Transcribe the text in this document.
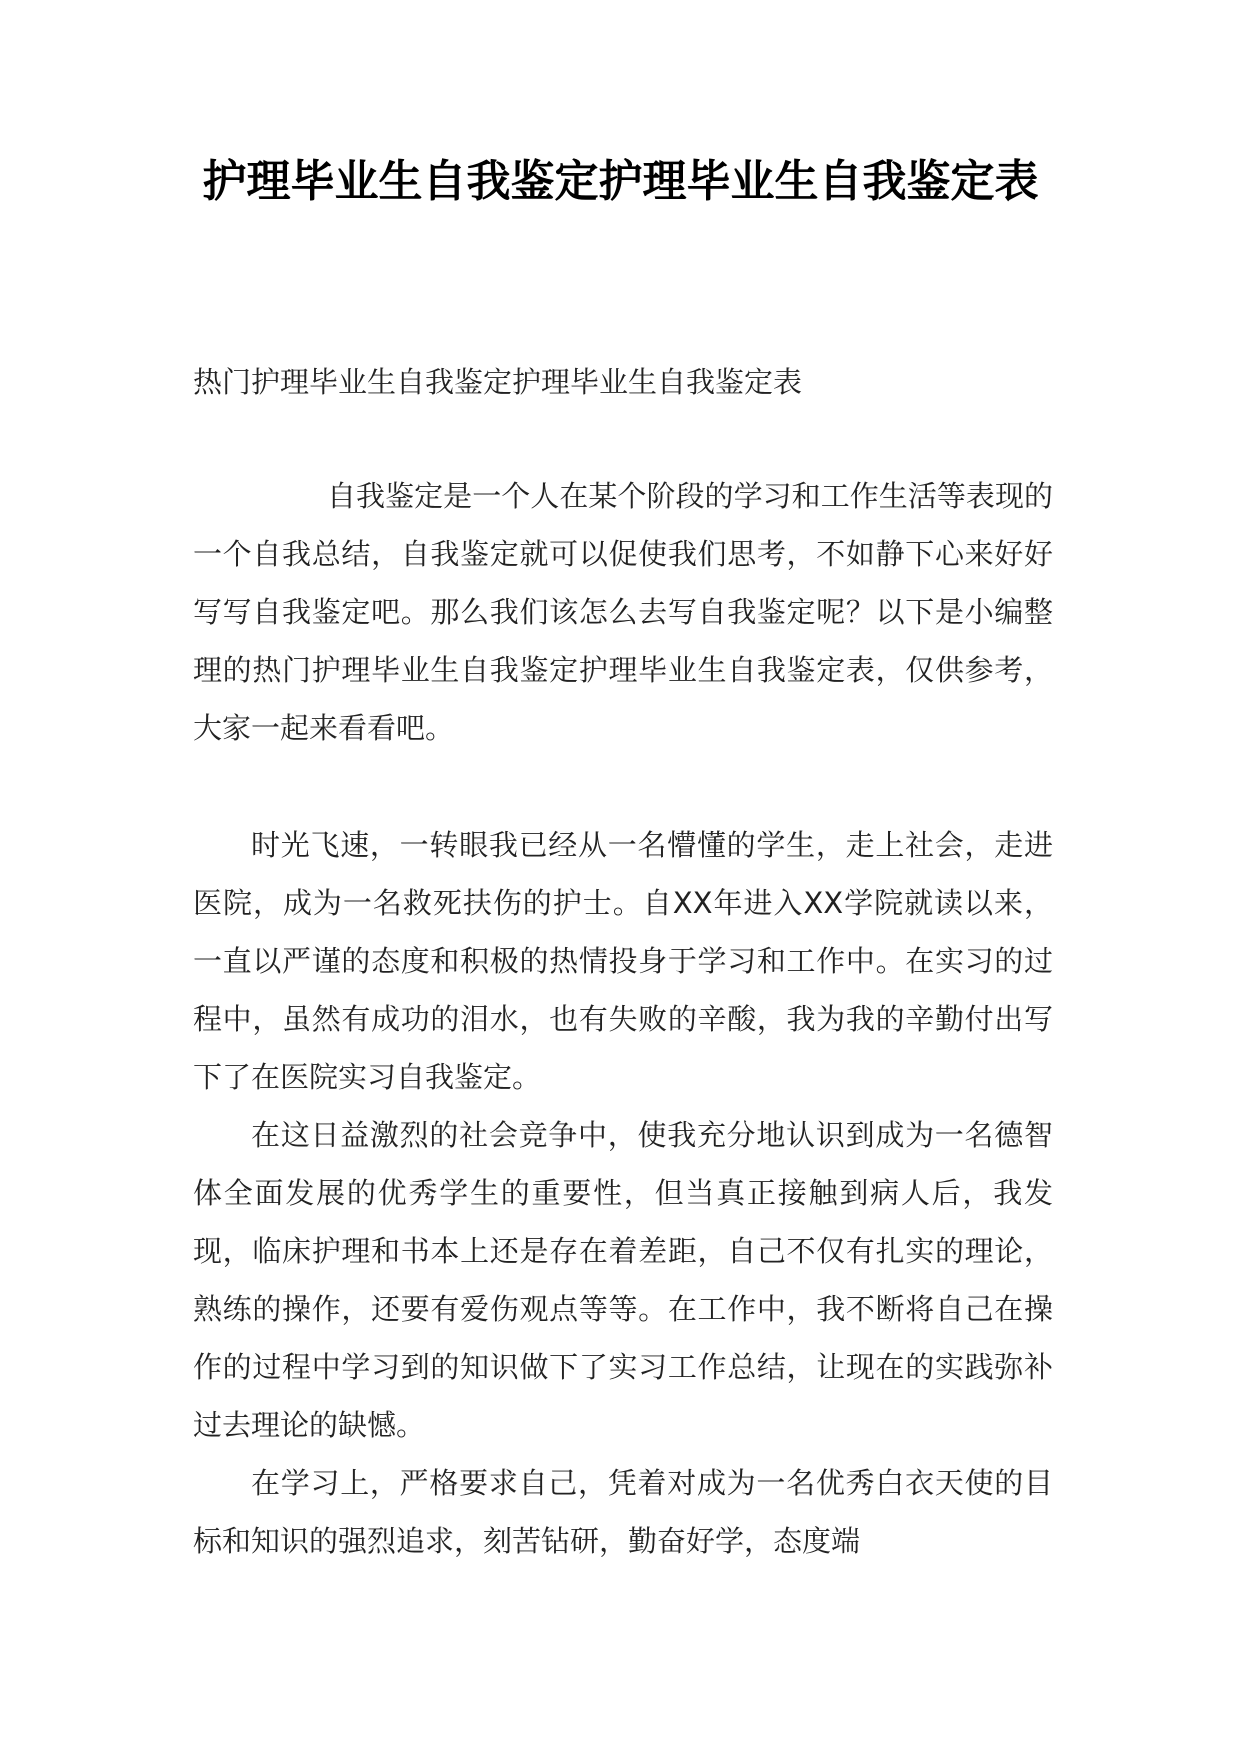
护理毕业生自我鉴定护理毕业生自我鉴定表
热门护理毕业生自我鉴定护理毕业生自我鉴定表

自我鉴定是一个人在某个阶段的学习和工作生活等表现的一个自我总结，自我鉴定就可以促使我们思考，不如静下心来好好写写自我鉴定吧。那么我们该怎么去写自我鉴定呢？以下是小编整理的热门护理毕业生自我鉴定护理毕业生自我鉴定表，仅供参考，大家一起来看看吧。

时光飞速，一转眼我已经从一名懵懂的学生，走上社会，走进医院，成为一名救死扶伤的护士。自XX年进入XX学院就读以来，一直以严谨的态度和积极的热情投身于学习和工作中。在实习的过程中，虽然有成功的泪水，也有失败的辛酸，我为我的辛勤付出写下了在医院实习自我鉴定。

在这日益激烈的社会竞争中，使我充分地认识到成为一名德智体全面发展的优秀学生的重要性，但当真正接触到病人后，我发现，临床护理和书本上还是存在着差距，自己不仅有扎实的理论，熟练的操作，还要有爱伤观点等等。在工作中，我不断将自己在操作的过程中学习到的知识做下了实习工作总结，让现在的实践弥补过去理论的缺憾。

在学习上，严格要求自己，凭着对成为一名优秀白衣天使的目标和知识的强烈追求，刻苦钻研，勤奋好学，态度端
